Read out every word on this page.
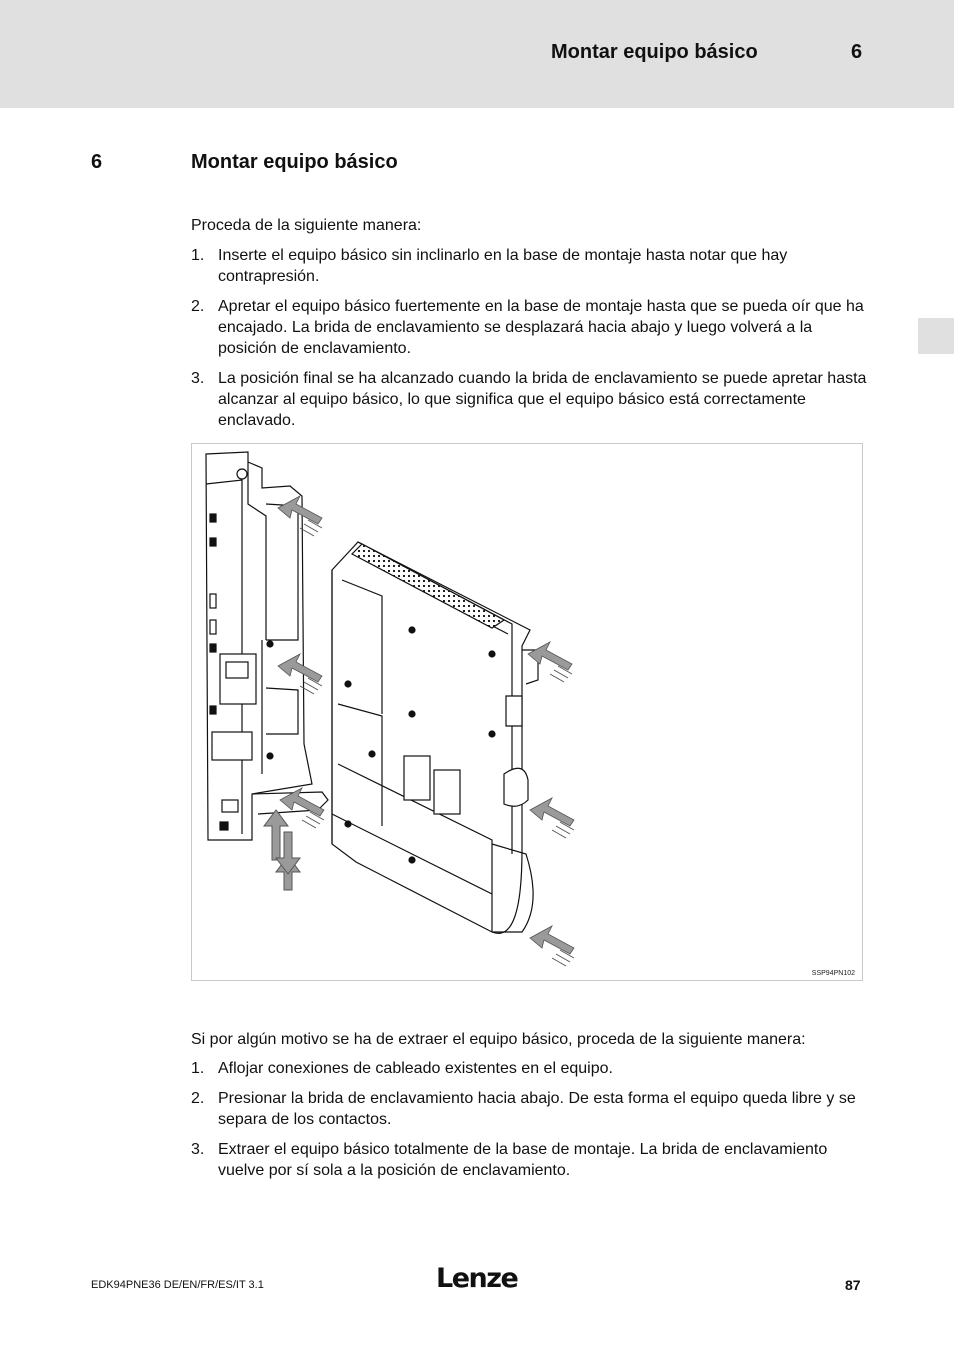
Montar equipo básico	6
6	Montar equipo básico
Proceda de la siguiente manera:
1. Inserte el equipo básico sin inclinarlo en la base de montaje hasta notar que hay contrapresión.
2. Apretar el equipo básico fuertemente en la base de montaje hasta que se pueda oír que ha encajado. La brida de enclavamiento se desplazará hacia abajo y luego volverá a la posición de enclavamiento.
3. La posición final se ha alcanzado cuando la brida de enclavamiento se puede apretar hasta alcanzar al equipo básico, lo que significa que el equipo básico está correctamente enclavado.
SSP94PN102
Si por algún motivo se ha de extraer el equipo básico, proceda de la siguiente manera:
1. Aflojar conexiones de cableado existentes en el equipo.
2. Presionar la brida de enclavamiento hacia abajo. De esta forma el equipo queda libre y se separa de los contactos.
3. Extraer el equipo básico totalmente de la base de montaje. La brida de enclavamiento vuelve por sí sola a la posición de enclavamiento.
EDK94PNE36 DE/EN/FR/ES/IT 3.1	Lenze	87
